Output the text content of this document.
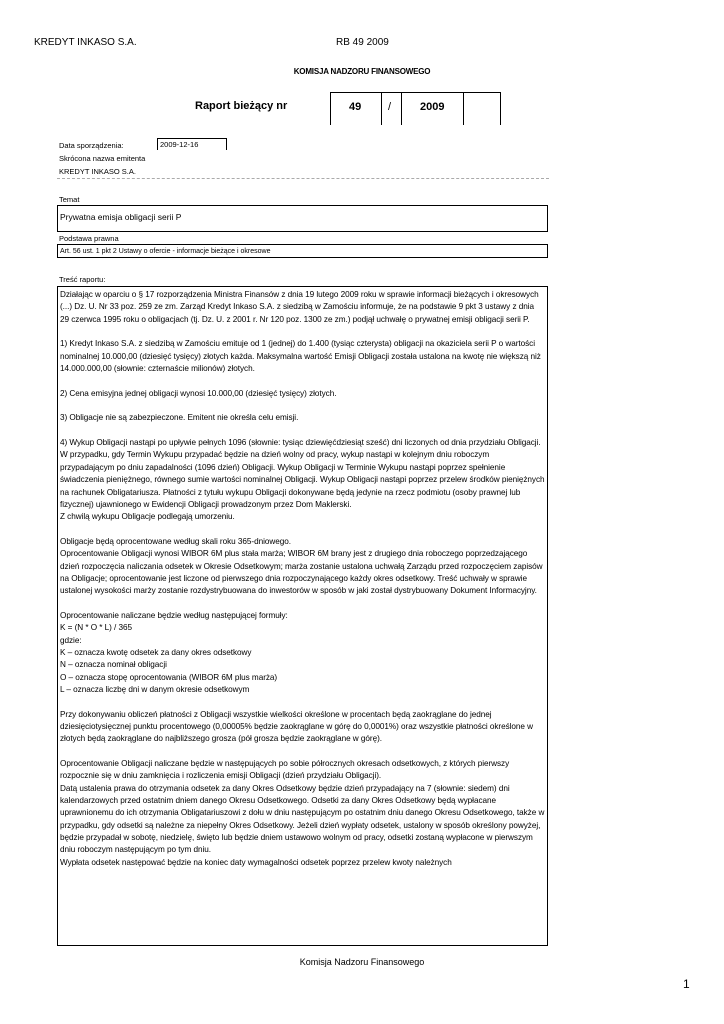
KREDYT INKASO S.A.	RB 49 2009
KOMISJA NADZORU FINANSOWEGO
Raport bieżący nr	49 /	2009
Data sporządzenia:	2009-12-16
Skrócona nazwa emitenta
KREDYT INKASO S.A.
Temat
Prywatna emisja obligacji serii P
Podstawa prawna
Art. 56 ust. 1 pkt 2 Ustawy o ofercie - informacje bieżące i okresowe
Treść raportu:

Działając w oparciu o § 17 rozporządzenia Ministra Finansów z dnia 19 lutego 2009 roku w sprawie informacji bieżących i okresowych (...) Dz. U. Nr 33 poz. 259 ze zm. Zarząd Kredyt Inkaso S.A. z siedzibą w Zamościu informuje, że na podstawie 9 pkt 3 ustawy z dnia 29 czerwca 1995 roku o obligacjach (tj. Dz. U. z 2001 r. Nr 120 poz. 1300 ze zm.) podjął uchwałę o prywatnej emisji obligacji serii P.

1) Kredyt Inkaso S.A. z siedzibą w Zamościu emituje od 1 (jednej) do 1.400 (tysiąc czterysta) obligacji na okaziciela serii P o wartości nominalnej 10.000,00 (dziesięć tysięcy) złotych każda. Maksymalna wartość Emisji Obligacji została ustalona na kwotę nie większą niż 14.000.000,00 (słownie: czternaście milionów) złotych.

2) Cena emisyjna jednej obligacji wynosi 10.000,00 (dziesięć tysięcy) złotych.

3) Obligacje nie są zabezpieczone. Emitent nie określa celu emisji.

4) Wykup Obligacji nastąpi po upływie pełnych 1096 (słownie: tysiąc dziewięćdziesiąt sześć) dni liczonych od dnia przydziału Obligacji. W przypadku, gdy Termin Wykupu przypadać będzie na dzień wolny od pracy, wykup nastąpi w kolejnym dniu roboczym przypadającym po dniu zapadalności (1096 dzień) Obligacji. Wykup Obligacji w Terminie Wykupu nastąpi poprzez spełnienie świadczenia pieniężnego, równego sumie wartości nominalnej Obligacji. Wykup Obligacji nastąpi poprzez przelew środków pieniężnych na rachunek Obligatariusza. Płatności z tytułu wykupu Obligacji dokonywane będą jedynie na rzecz podmiotu (osoby prawnej lub fizycznej) ujawnionego w Ewidencji Obligacji prowadzonym przez Dom Maklerski.
Z chwilą wykupu Obligacje podlegają umorzeniu.

Obligacje będą oprocentowane według skali roku 365-dniowego.
Oprocentowanie Obligacji wynosi WIBOR 6M plus stała marża; WIBOR 6M brany jest z drugiego dnia roboczego poprzedzającego dzień rozpoczęcia naliczania odsetek w Okresie Odsetkowym; marża zostanie ustalona uchwałą Zarządu przed rozpoczęciem zapisów na Obligacje; oprocentowanie jest liczone od pierwszego dnia rozpoczynającego każdy okres odsetkowy. Treść uchwały w sprawie ustalonej wysokości marży zostanie rozdystrybuowana do inwestorów w sposób w jaki został dystrybuowany Dokument Informacyjny.

Oprocentowanie naliczane będzie według następującej formuły:
K = (N * O * L) / 365
gdzie:
K – oznacza kwotę odsetek za dany okres odsetkowy
N – oznacza nominał obligacji
O – oznacza stopę oprocentowania (WIBOR 6M plus marża)
L – oznacza liczbę dni w danym okresie odsetkowym

Przy dokonywaniu obliczeń płatności z Obligacji wszystkie wielkości określone w procentach będą zaokrąglane do jednej dziesięciotysięcznej punktu procentowego (0,00005% będzie zaokrąglane w górę do 0,0001%) oraz wszystkie płatności określone w złotych będą zaokrąglane do najbliższego grosza (pół grosza będzie zaokrąglane w górę).

Oprocentowanie Obligacji naliczane będzie w następujących po sobie półrocznych okresach odsetkowych, z których pierwszy rozpocznie się w dniu zamknięcia i rozliczenia emisji Obligacji (dzień przydziału Obligacji).
Datą ustalenia prawa do otrzymania odsetek za dany Okres Odsetkowy będzie dzień przypadający na 7 (słownie: siedem) dni kalendarzowych przed ostatnim dniem danego Okresu Odsetkowego. Odsetki za dany Okres Odsetkowy będą wypłacane uprawnionemu do ich otrzymania Obligatariuszowi z dołu w dniu następującym po ostatnim dniu danego Okresu Odsetkowego, także w przypadku, gdy odsetki są należne za niepełny Okres Odsetkowy. Jeżeli dzień wypłaty odsetek, ustalony w sposób określony powyżej, będzie przypadał w sobotę, niedzielę, święto lub będzie dniem ustawowo wolnym od pracy, odsetki zostaną wypłacone w pierwszym dniu roboczym następującym po tym dniu.
Wypłata odsetek następować będzie na koniec daty wymagalności odsetek poprzez przelew kwoty należnych

Komisja Nadzoru Finansowego
1
